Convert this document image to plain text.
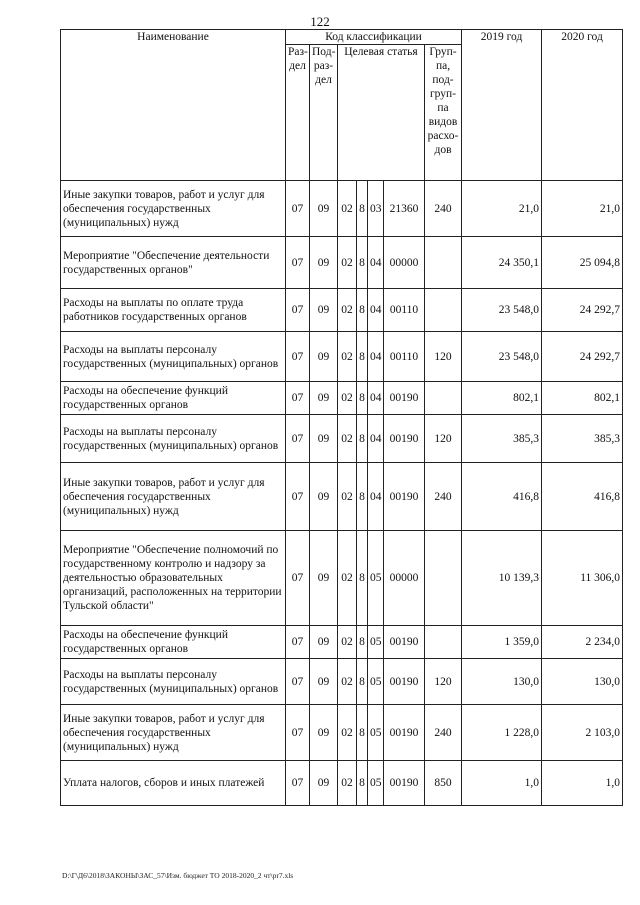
122
Наименование	Код классификации							2019 год	2020 год
	Раз-дел	Под-раз-дел	Целевая статья				Груп-па, под-груп-па видов расхо-дов		
Иные закупки товаров, работ и услуг для обеспечения государственных (муниципальных) нужд	07	09	02	8	03	21360	240	21,0	21,0
Мероприятие "Обеспечение деятельности государственных органов"	07	09	02	8	04	00000		24 350,1	25 094,8
Расходы на выплаты по оплате труда работников государственных органов	07	09	02	8	04	00110		23 548,0	24 292,7
Расходы на выплаты персоналу государственных (муниципальных) органов	07	09	02	8	04	00110	120	23 548,0	24 292,7
Расходы на обеспечение функций государственных органов	07	09	02	8	04	00190		802,1	802,1
Расходы на выплаты персоналу государственных (муниципальных) органов	07	09	02	8	04	00190	120	385,3	385,3
Иные закупки товаров, работ и услуг для обеспечения государственных (муниципальных) нужд	07	09	02	8	04	00190	240	416,8	416,8
Мероприятие "Обеспечение полномочий по государственному контролю и надзору за деятельностью образовательных организаций, расположенных на территории Тульской области"	07	09	02	8	05	00000		10 139,3	11 306,0
Расходы на обеспечение функций государственных органов	07	09	02	8	05	00190		1 359,0	2 234,0
Расходы на выплаты персоналу государственных (муниципальных) органов	07	09	02	8	05	00190	120	130,0	130,0
Иные закупки товаров, работ и услуг для обеспечения государственных (муниципальных) нужд	07	09	02	8	05	00190	240	1 228,0	2 103,0
Уплата налогов, сборов и иных платежей	07	09	02	8	05	00190	850	1,0	1,0
D:\Г\Д6\2018\ЗАКОНЫ\ЗАС_57\Изм. бюджет ТО 2018-2020_2 чт\pr7.xls
